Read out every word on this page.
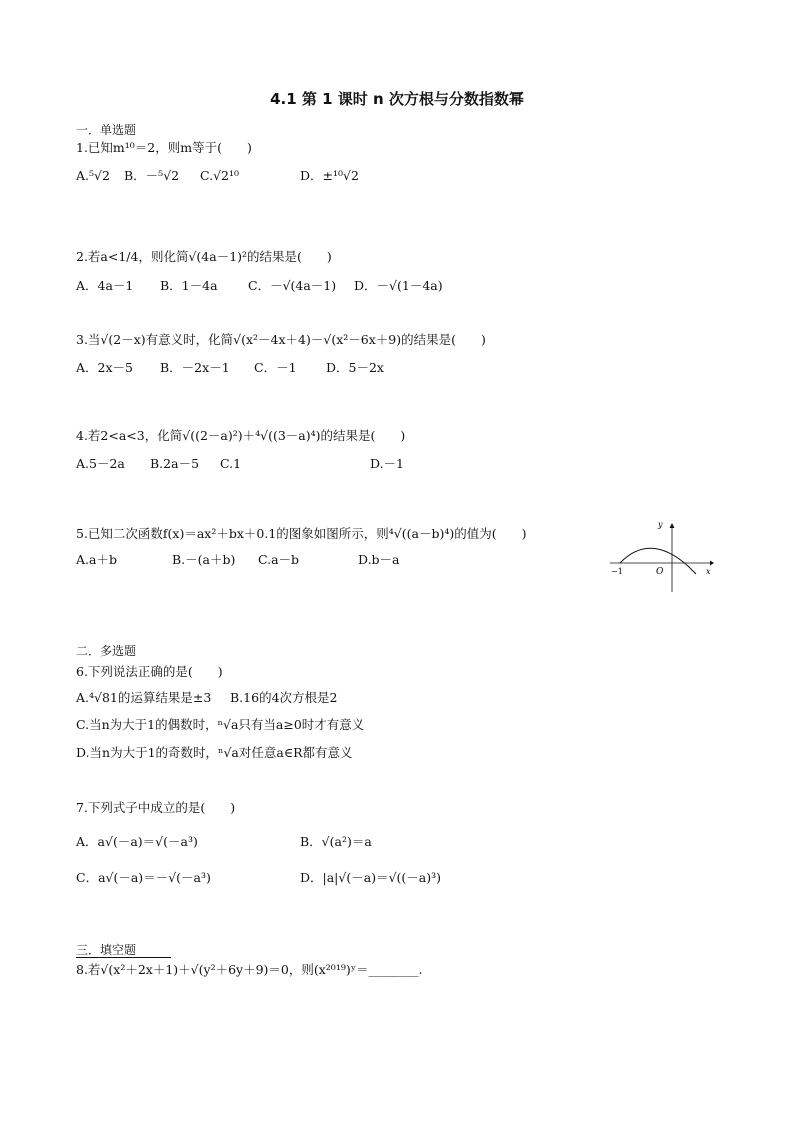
4.1 第 1 课时 n 次方根与分数指数幂
一．单选题
1.已知m¹⁰＝2，则m等于(　　)
A.⁵√2 B．－⁵√2 C.√2¹⁰	D．±¹⁰√2
2.若a<1/4，则化简√(4a－1)²的结果是(　　)
A．4a－1 B．1－4a C．－√(4a－1) D．－√(1－4a)
3.当√(2－x)有意义时，化简√(x²－4x＋4)－√(x²－6x＋9)的结果是(　　)
A．2x－5 B．－2x－1 C．－1 D．5－2x
4.若2<a<3，化简√((2－a)²)＋⁴√((3－a)⁴)的结果是(　　)
A.5－2a B.2a－5 C.1	D.－1
5.已知二次函数f(x)＝ax²＋bx＋0.1的图象如图所示，则⁴√((a－b)⁴)的值为(　　)
A.a＋b	B.－(a＋b) C.a－b	D.b－a
y
x
O
−1
二．多选题
6.下列说法正确的是(　　)
A.⁴√81的运算结果是±3 B.16的4次方根是2
C.当n为大于1的偶数时，ⁿ√a只有当a≥0时才有意义
D.当n为大于1的奇数时，ⁿ√a对任意a∈R都有意义
7.下列式子中成立的是(　　)
A．a√(－a)＝√(－a³)	B．√(a²)＝a
C．a√(－a)＝－√(－a³)	D．|a|√(－a)＝√((－a)³)
三．填空题
8.若√(x²＋2x＋1)＋√(y²＋6y＋9)＝0，则(x²⁰¹⁹)ʸ＝________.
